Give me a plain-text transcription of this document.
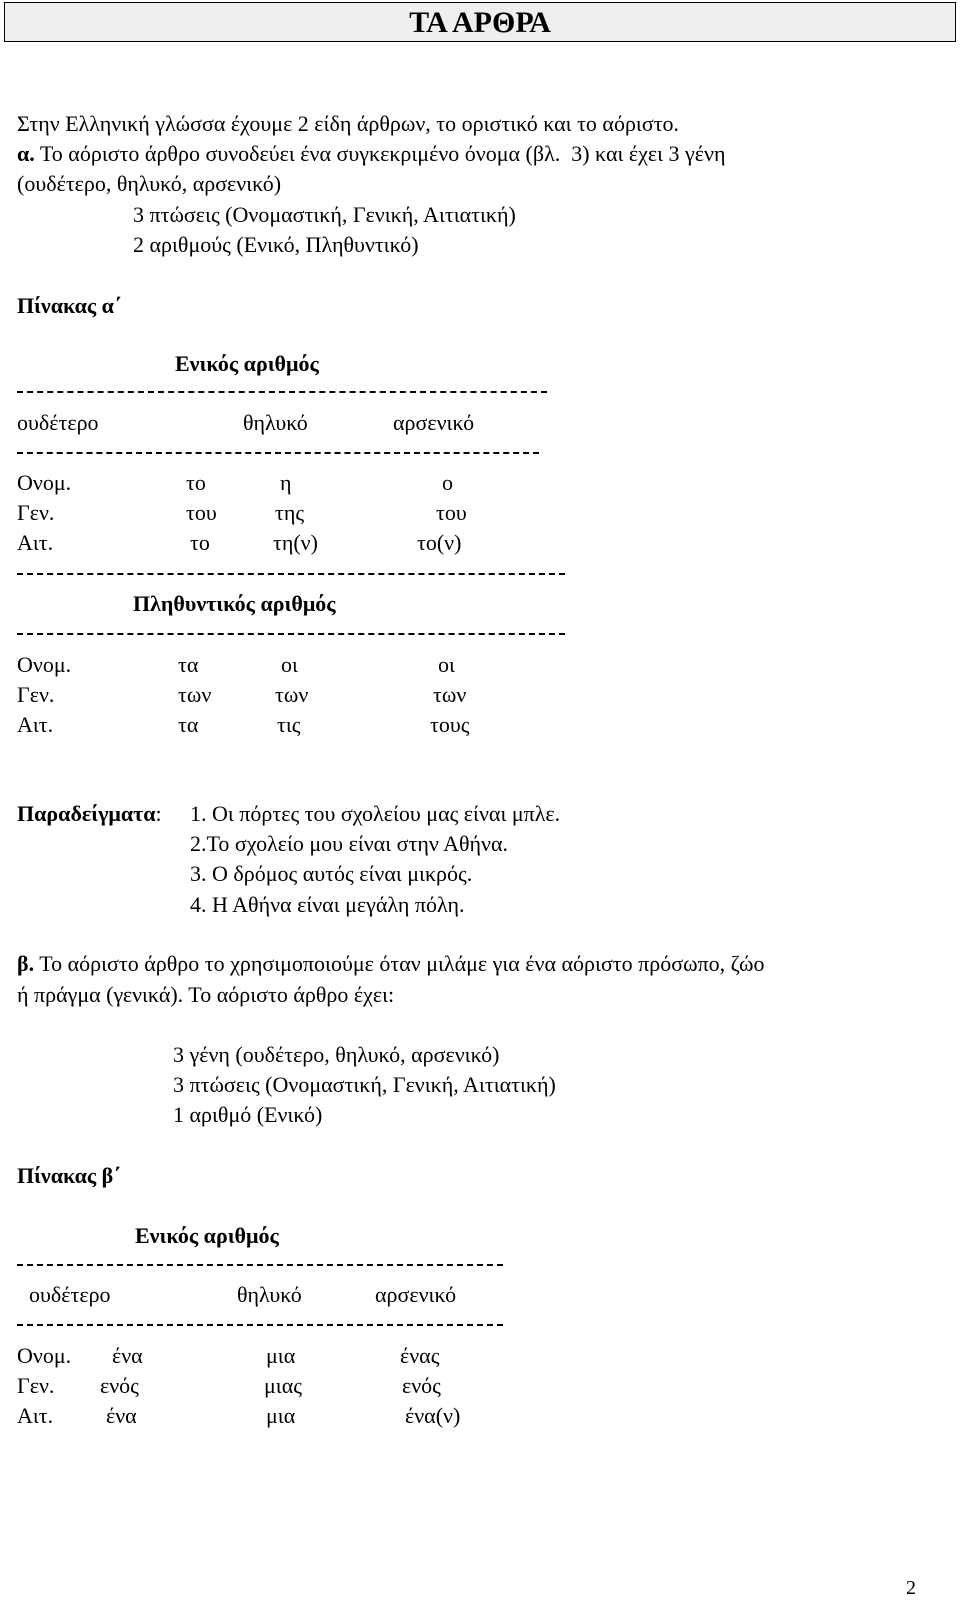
ΤΑ ΑΡΘΡΑ
Στην Ελληνική γλώσσα έχουμε 2 είδη άρθρων, το οριστικό και το αόριστο.
α. Το αόριστο άρθρο συνοδεύει ένα συγκεκριμένο όνομα (βλ.  3) και έχει 3 γένη
(ουδέτερο, θηλυκό, αρσενικό)
3 πτώσεις (Ονομαστική, Γενική, Αιτιατική)
2 αριθμούς (Ενικό, Πληθυντικό)
Πίνακας α΄
Ενικός αριθμός
ουδέτερο	θηλυκό	αρσενικό
Ονομ.	το	η	ο
Γεν.	του	της	του
Αιτ.	το	τη(ν)	το(ν)
Πληθυντικός αριθμός
Ονομ.	τα	οι	οι
Γεν.	των	των	των
Αιτ.	τα	τις	τους
Παραδείγματα: 1. Οι πόρτες του σχολείου μας είναι μπλε.
2.Το σχολείο μου είναι στην Αθήνα.
3. Ο δρόμος αυτός είναι μικρός.
4. Η Αθήνα είναι μεγάλη πόλη.
β. Το αόριστο άρθρο το χρησιμοποιούμε όταν μιλάμε για ένα αόριστο πρόσωπο, ζώο
ή πράγμα (γενικά). Το αόριστο άρθρο έχει:
3 γένη (ουδέτερο, θηλυκό, αρσενικό)
3 πτώσεις (Ονομαστική, Γενική, Αιτιατική)
1 αριθμό (Ενικό)
Πίνακας β΄
Ενικός αριθμός
ουδέτερο	θηλυκό	αρσενικό
Ονομ. ένα	μια	ένας
Γεν. ενός	μιας	ενός
Αιτ. ένα	μια	ένα(ν)
2
